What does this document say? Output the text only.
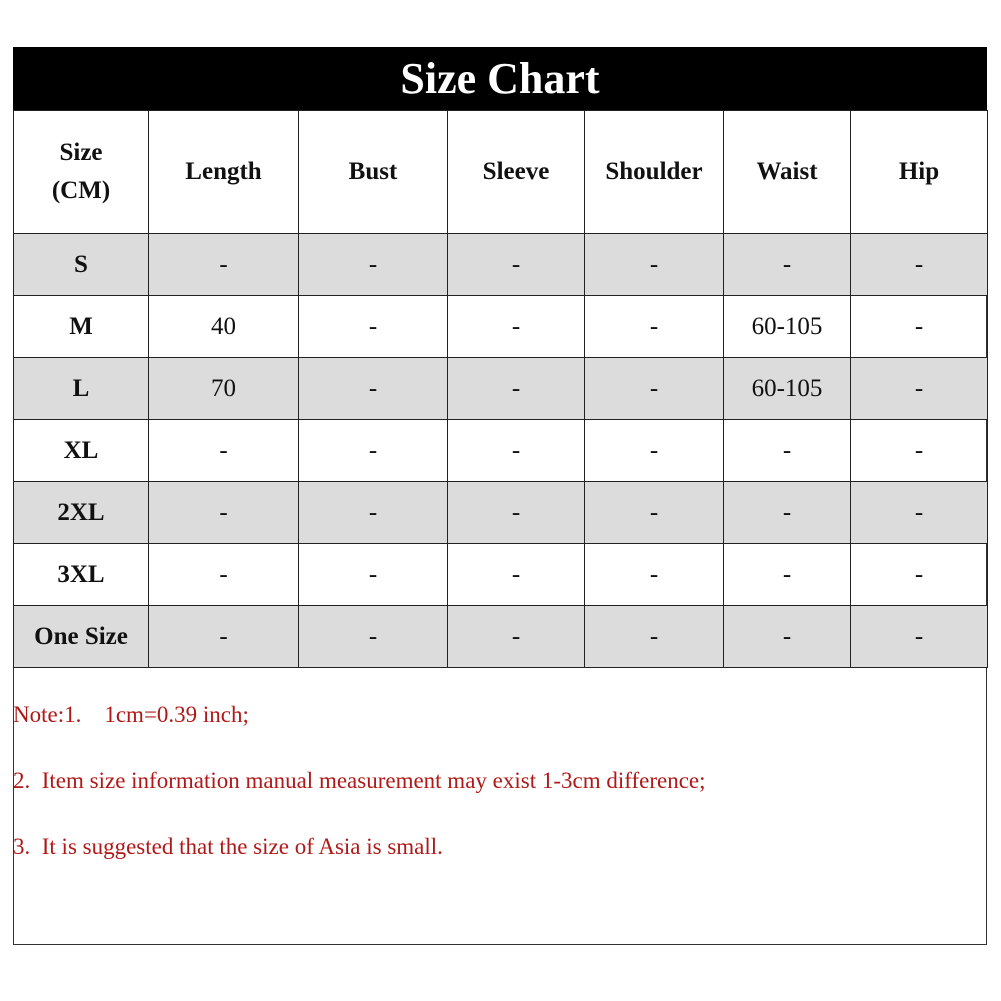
Size Chart
Size
(CM)	Length	Bust	Sleeve	Shoulder	Waist	Hip
S	-	-	-	-	-	-
M	40	-	-	-	60-105	-
L	70	-	-	-	60-105	-
XL	-	-	-	-	-	-
2XL	-	-	-	-	-	-
3XL	-	-	-	-	-	-
One Size	-	-	-	-	-	-
Note:1.    1cm=0.39 inch;
2.  Item size information manual measurement may exist 1-3cm difference;
3.  It is suggested that the size of Asia is small.
